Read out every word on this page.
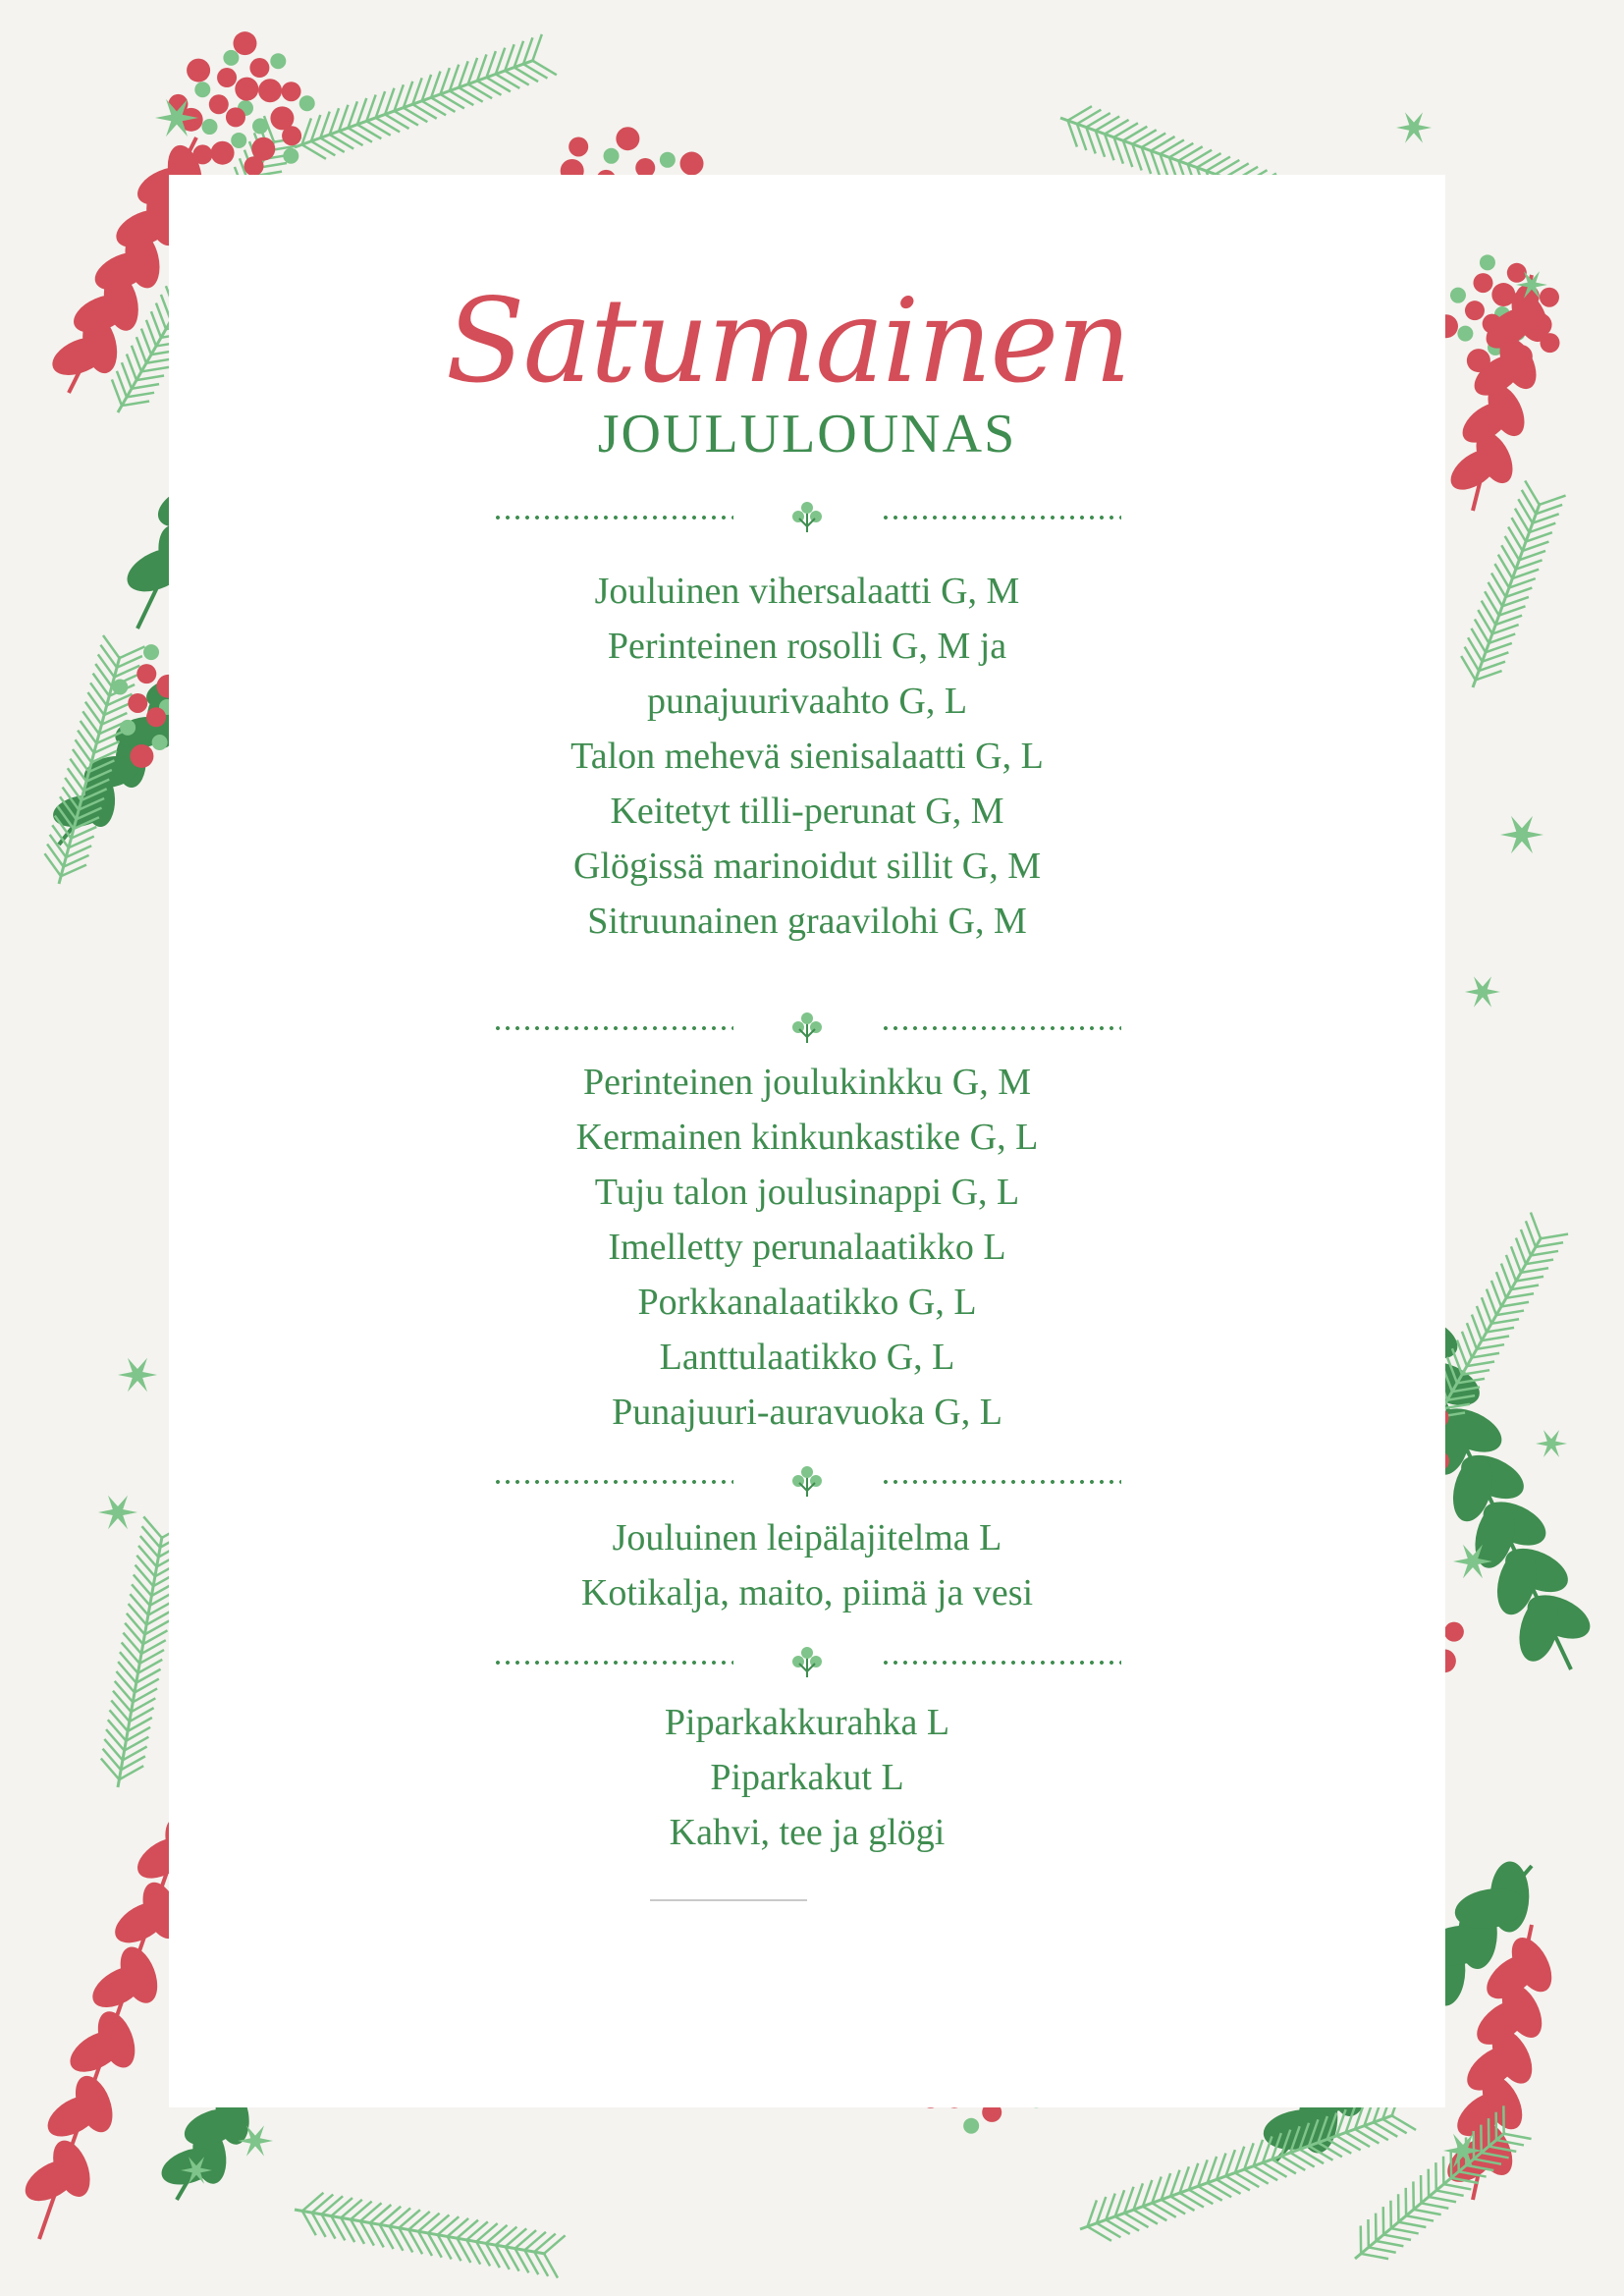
Satumainen
JOULULOUNAS
Jouluinen vihersalaatti G, M
Perinteinen rosolli G, M ja
punajuurivaahto G, L
Talon mehevä sienisalaatti G, L
Keitetyt tilli-perunat G, M
Glögissä marinoidut sillit G, M
Sitruunainen graavilohi G, M
Perinteinen joulukinkku G, M
Kermainen kinkunkastike G, L
Tuju talon joulusinappi G, L
Imelletty perunalaatikko L
Porkkanalaatikko G, L
Lanttulaatikko G, L
Punajuuri-auravuoka G, L
Jouluinen leipälajitelma L
Kotikalja, maito, piimä ja vesi
Piparkakkurahka L
Piparkakut L
Kahvi, tee ja glögi
